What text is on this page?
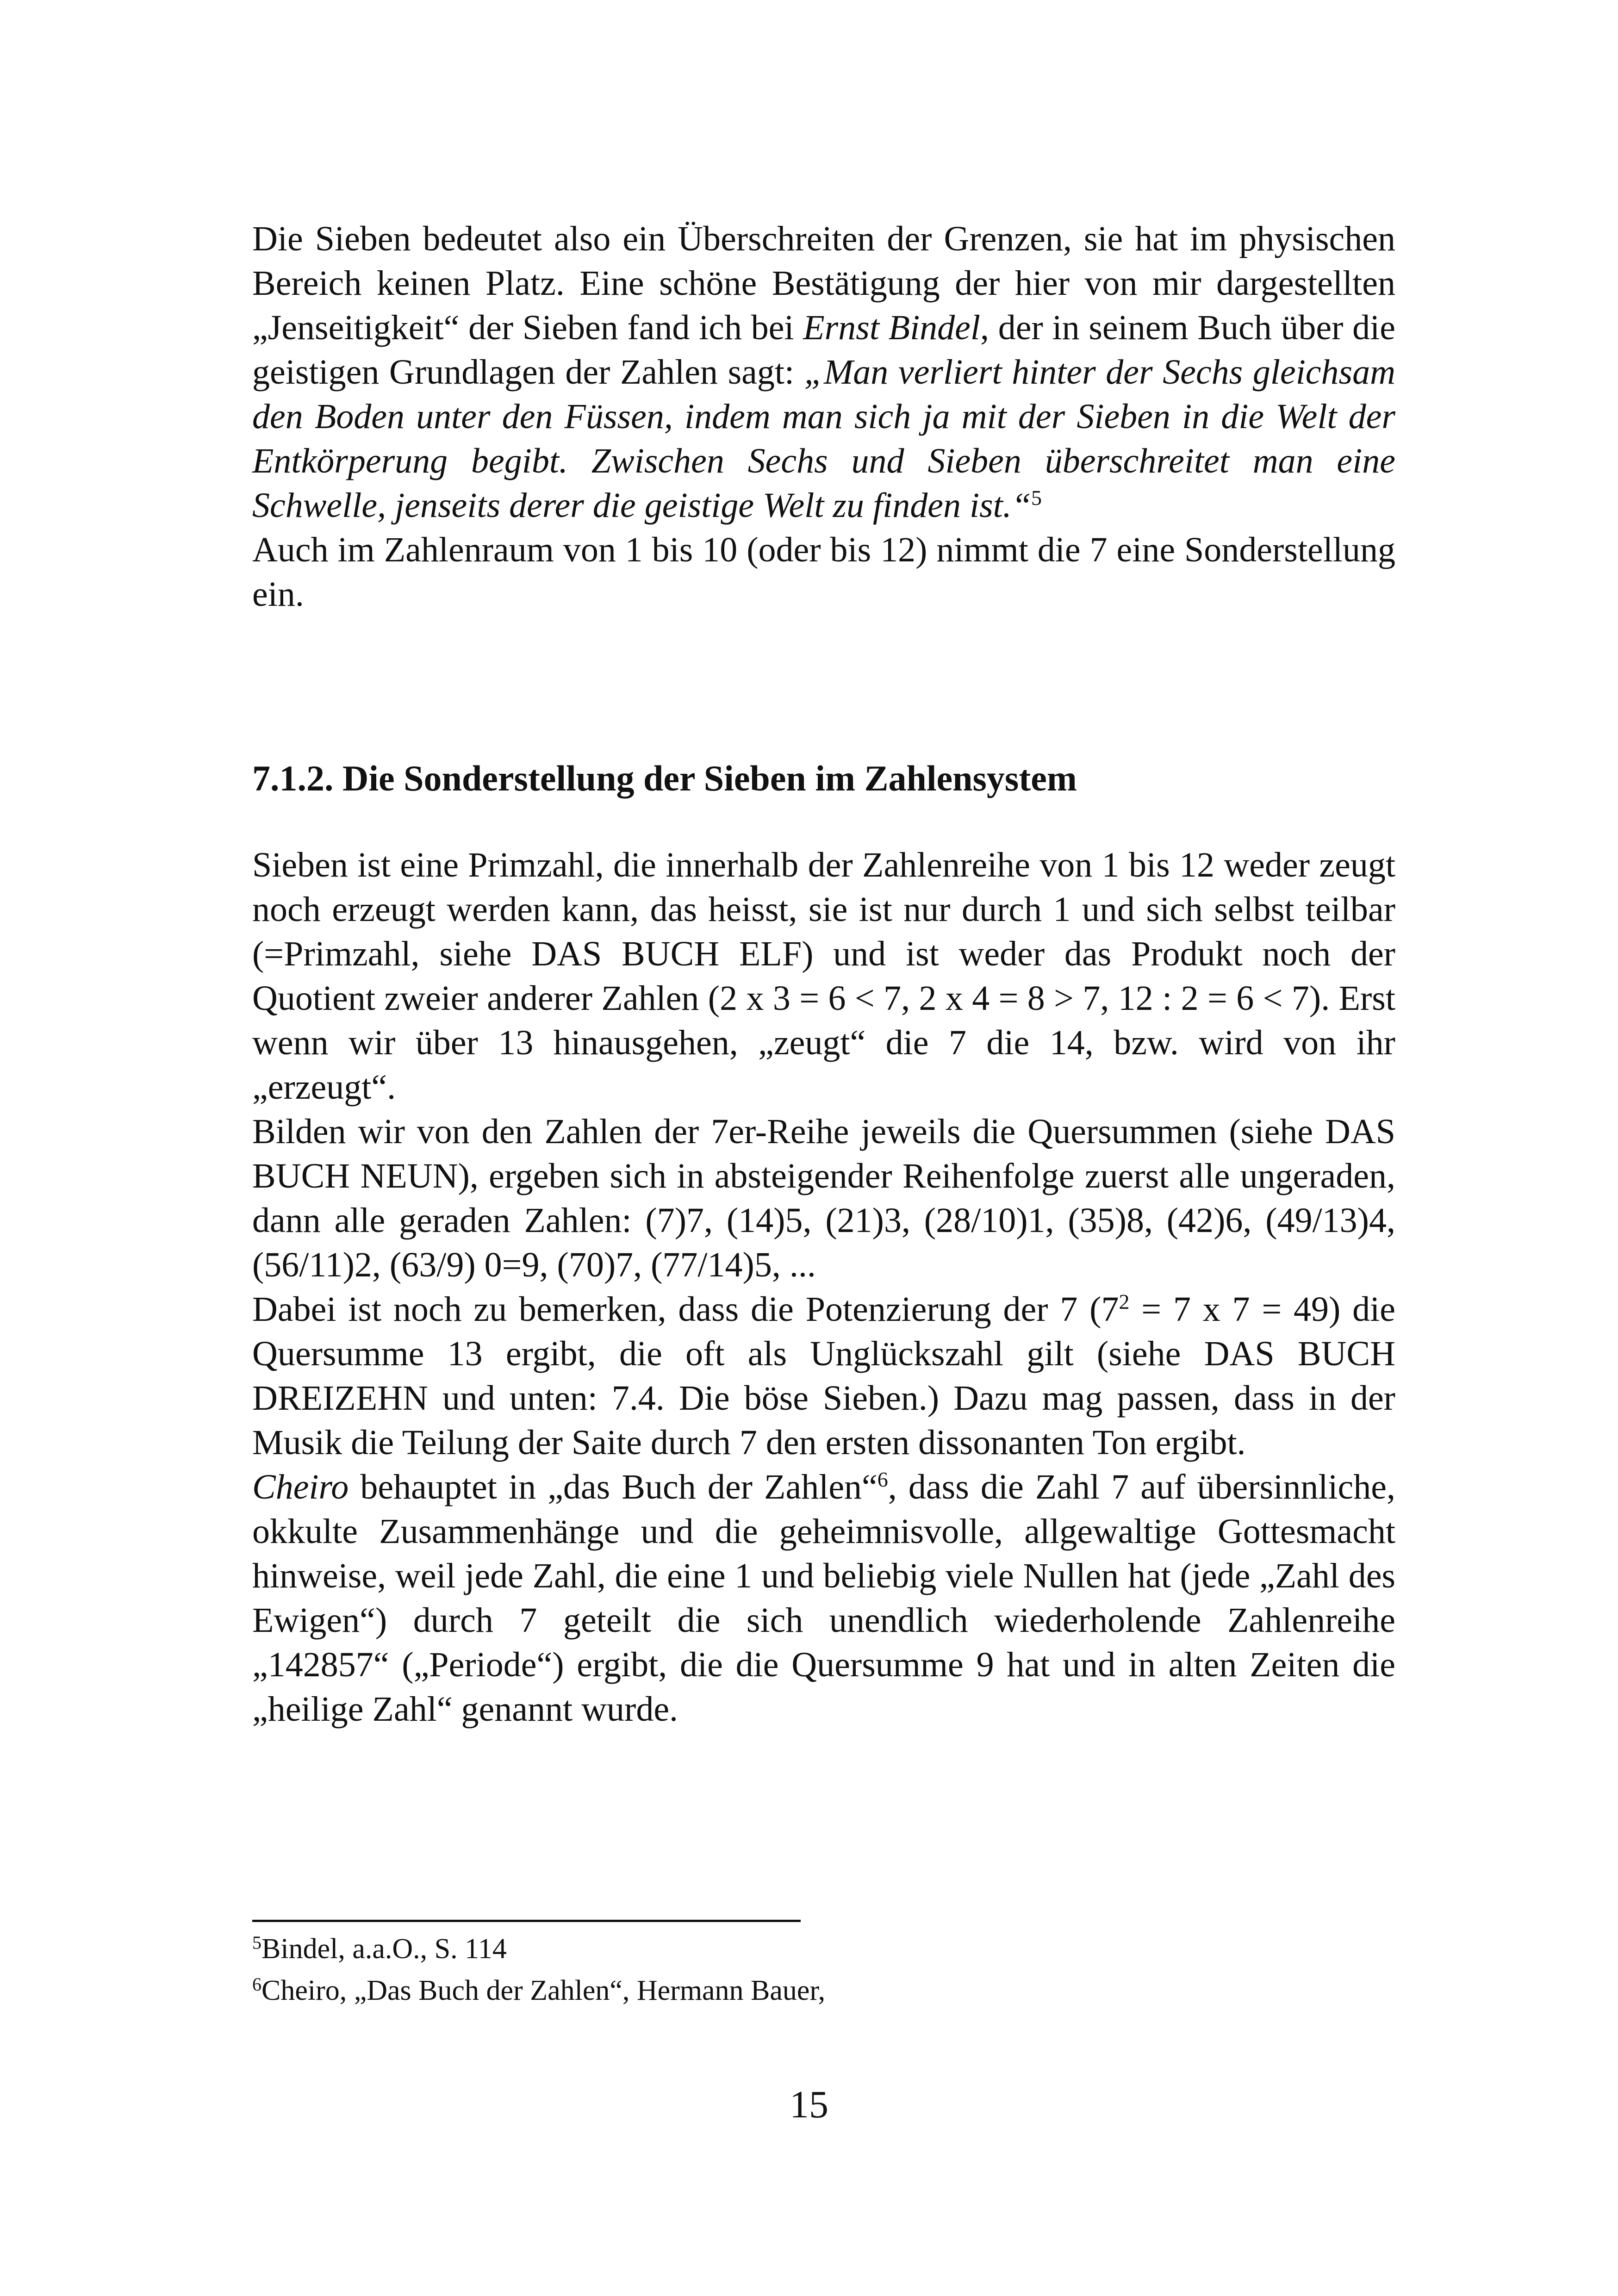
Die Sieben bedeutet also ein Überschreiten der Grenzen, sie hat im physischen Bereich keinen Platz. Eine schöne Bestätigung der hier von mir dargestellten „Jenseitigkeit“ der Sieben fand ich bei Ernst Bindel, der in seinem Buch über die geistigen Grundlagen der Zahlen sagt: „Man verliert hinter der Sechs gleichsam den Boden unter den Füssen, indem man sich ja mit der Sieben in die Welt der Entkörperung begibt. Zwischen Sechs und Sieben überschreitet man eine Schwelle, jenseits derer die geistige Welt zu finden ist.“$^5$

Auch im Zahlenraum von 1 bis 10 (oder bis 12) nimmt die 7 eine Sonderstellung ein.

7.1.2. Die Sonderstellung der Sieben im Zahlensystem

Sieben ist eine Primzahl, die innerhalb der Zahlenreihe von 1 bis 12 weder zeugt noch erzeugt werden kann, das heisst, sie ist nur durch 1 und sich selbst teilbar (=Primzahl, siehe DAS BUCH ELF) und ist weder das Produkt noch der Quotient zweier anderer Zahlen (2 x 3 = 6 < 7, 2 x 4 = 8 > 7, 12 : 2 = 6 < 7). Erst wenn wir über 13 hinausgehen, „zeugt“ die 7 die 14, bzw. wird von ihr „erzeugt“.

Bilden wir von den Zahlen der 7er-Reihe jeweils die Quersummen (siehe DAS BUCH NEUN), ergeben sich in absteigender Reihenfolge zuerst alle ungeraden, dann alle geraden Zahlen: (7)7, (14)5, (21)3, (28/10)1, (35)8, (42)6, (49/13)4, (56/11)2, (63/9) 0=9, (70)7, (77/14)5, ...

Dabei ist noch zu bemerken, dass die Potenzierung der 7 ($7^2 = 7$ x 7 = 49) die Quersumme 13 ergibt, die oft als Unglückszahl gilt (siehe DAS BUCH DREIZEHN und unten: 7.4. Die böse Sieben.) Dazu mag passen, dass in der Musik die Teilung der Saite durch 7 den ersten dissonanten Ton ergibt.

Cheiro behauptet in „das Buch der Zahlen“$^6$, dass die Zahl 7 auf übersinnliche, okkulte Zusammenhänge und die geheimnisvolle, allgewaltige Gottesmacht hinweise, weil jede Zahl, die eine 1 und beliebig viele Nullen hat (jede „Zahl des Ewigen“) durch 7 geteilt die sich unendlich wiederholende Zahlenreihe „142857“ („Periode“) ergibt, die die Quersumme 9 hat und in alten Zeiten die „heilige Zahl“ genannt wurde.

$^5$Bindel, a.a.O., S. 114

$^6$Cheiro, „Das Buch der Zahlen“, Hermann Bauer,

15
